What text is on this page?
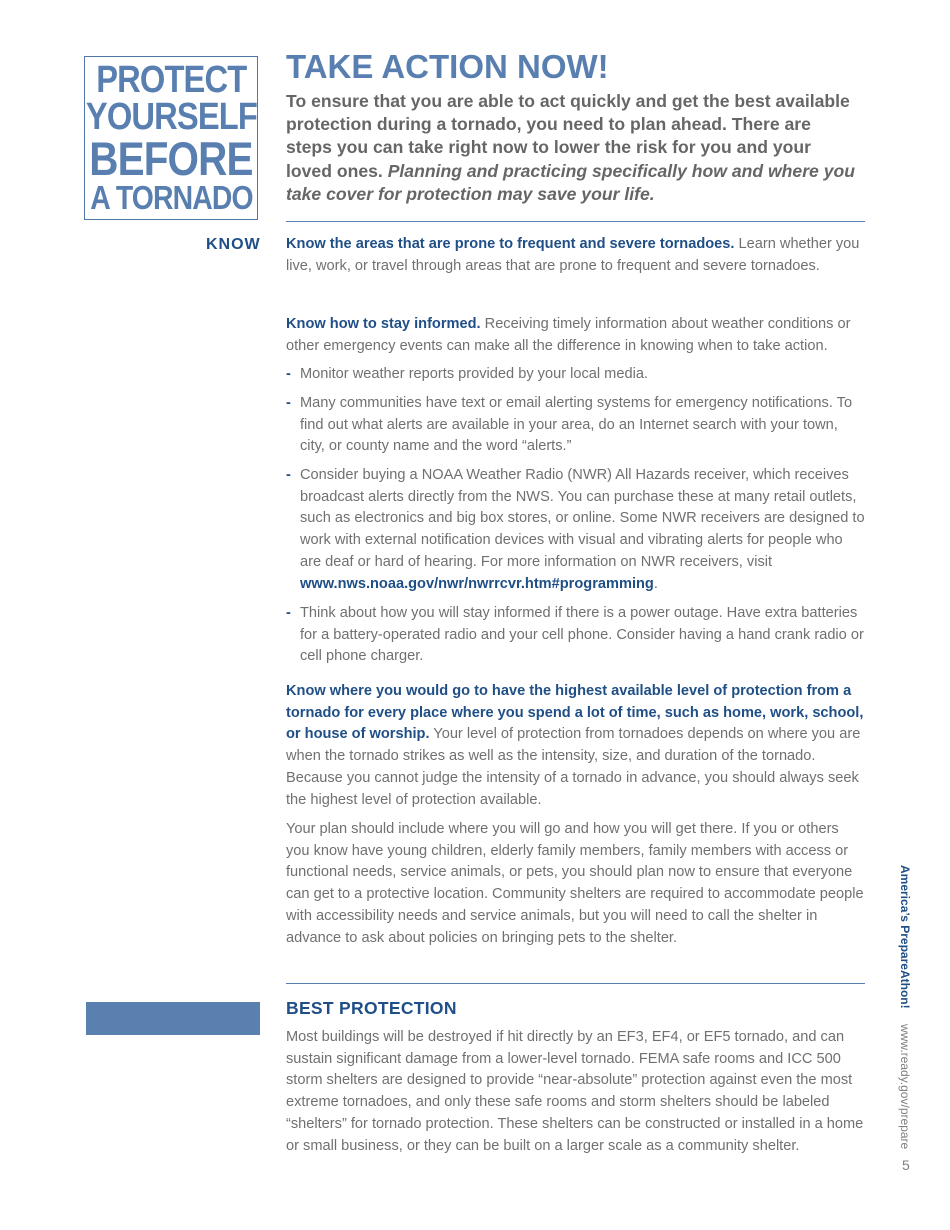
PROTECT
YOURSELF
BEFORE
A TORNADO
TAKE ACTION NOW!

To ensure that you are able to act quickly and get the best available protection during a tornado, you need to plan ahead. There are steps you can take right now to lower the risk for you and your loved ones. Planning and practicing specifically how and where you take cover for protection may save your life.

KNOW Know the areas that are prone to frequent and severe tornadoes. Learn whether you live, work, or travel through areas that are prone to frequent and severe tornadoes.

Know how to stay informed. Receiving timely information about weather conditions or other emergency events can make all the difference in knowing when to take action.

- Monitor weather reports provided by your local media.
- Many communities have text or email alerting systems for emergency notifications. To find out what alerts are available in your area, do an Internet search with your town, city, or county name and the word “alerts.”
- Consider buying a NOAA Weather Radio (NWR) All Hazards receiver, which receives broadcast alerts directly from the NWS. You can purchase these at many retail outlets, such as electronics and big box stores, or online. Some NWR receivers are designed to work with external notification devices with visual and vibrating alerts for people who are deaf or hard of hearing. For more information on NWR receivers, visit www.nws.noaa.gov/nwr/nwrrcvr.htm#programming.
- Think about how you will stay informed if there is a power outage. Have extra batteries for a battery-operated radio and your cell phone. Consider having a hand crank radio or cell phone charger.

Know where you would go to have the highest available level of protection from a tornado for every place where you spend a lot of time, such as home, work, school, or house of worship. Your level of protection from tornadoes depends on where you are when the tornado strikes as well as the intensity, size, and duration of the tornado. Because you cannot judge the intensity of a tornado in advance, you should always seek the highest level of protection available.

Your plan should include where you will go and how you will get there. If you or others you know have young children, elderly family members, family members with access or functional needs, service animals, or pets, you should plan now to ensure that everyone can get to a protective location. Community shelters are required to accommodate people with accessibility needs and service animals, but you will need to call the shelter in advance to ask about policies on bringing pets to the shelter.

BEST PROTECTION

Most buildings will be destroyed if hit directly by an EF3, EF4, or EF5 tornado, and can sustain significant damage from a lower-level tornado. FEMA safe rooms and ICC 500 storm shelters are designed to provide “near-absolute” protection against even the most extreme tornadoes, and only these safe rooms and storm shelters should be labeled “shelters” for tornado protection. These shelters can be constructed or installed in a home or small business, or they can be built on a larger scale as a community shelter.

America’s PrepareAthon! www.ready.gov/prepare
5
